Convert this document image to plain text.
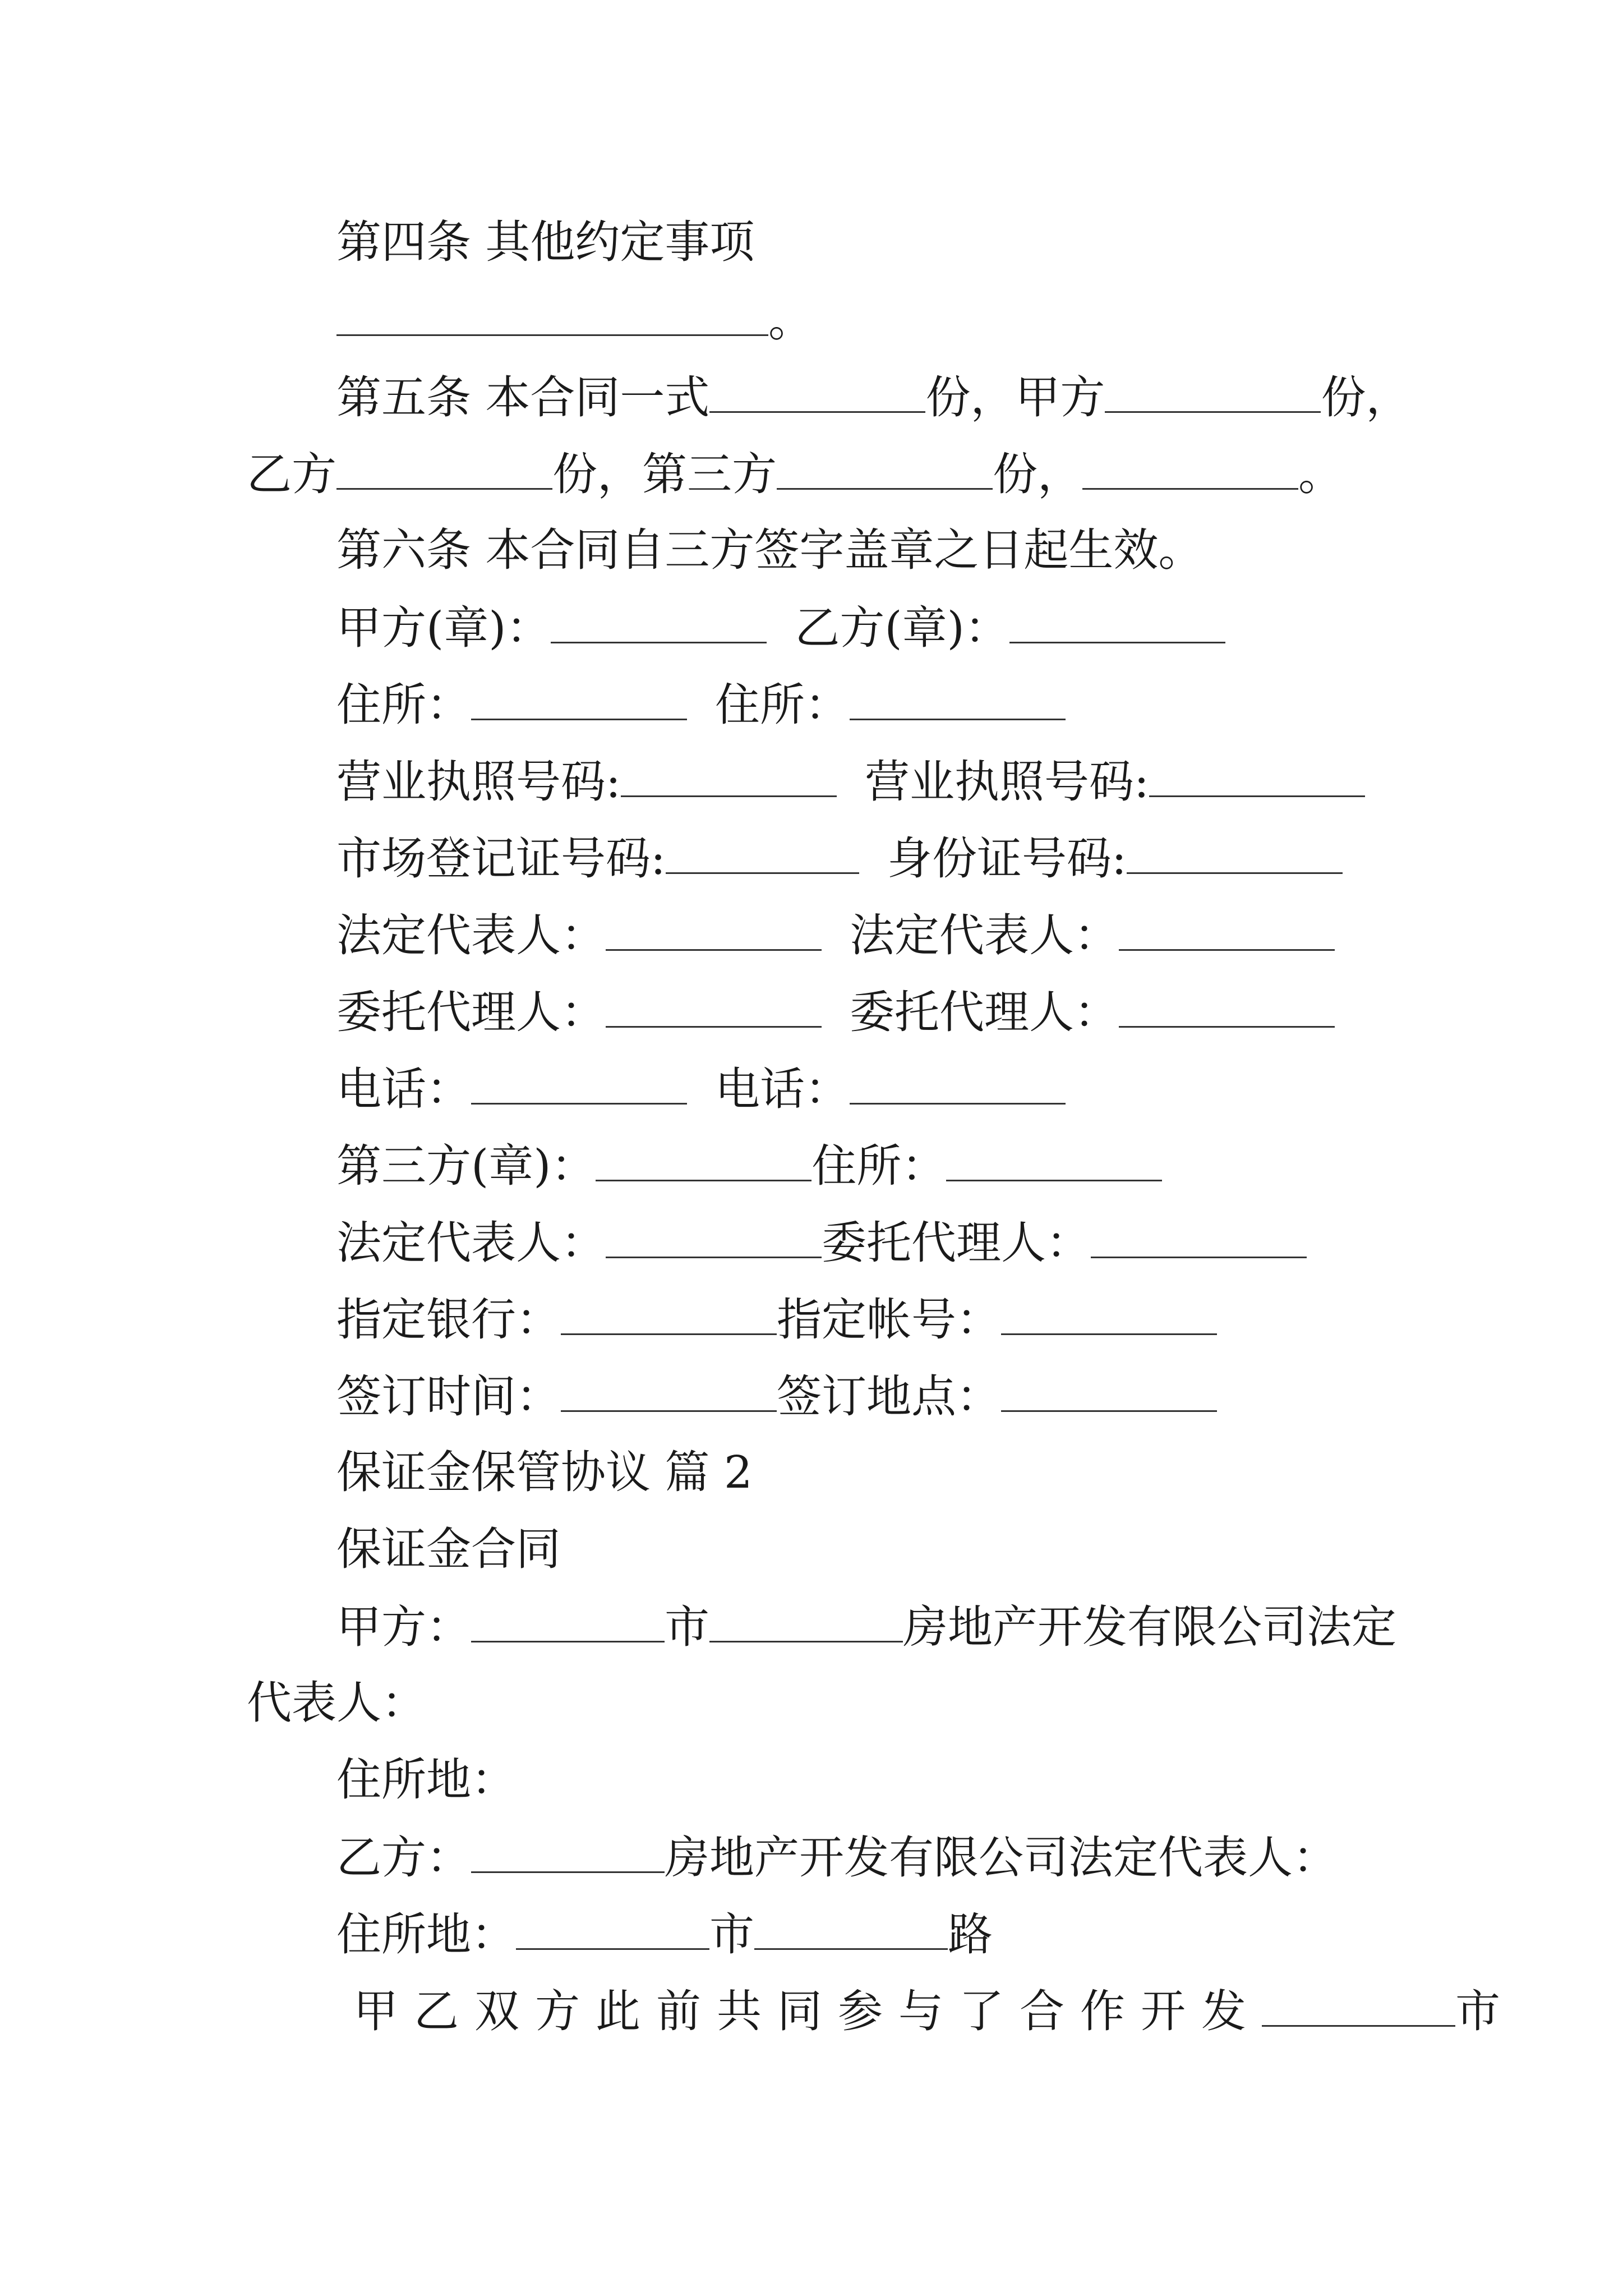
第四条 其他约定事项
。
第五条 本合同一式	份，甲方	份，
乙方	份，第三方	份，	。
第六条 本合同自三方签字盖章之日起生效。
甲方(章)：	乙方(章)：
住所：	住所：
营业执照号码:	营业执照号码:
市场登记证号码:	身份证号码:
法定代表人：	法定代表人：
委托代理人：	委托代理人：
电话：	电话：
第三方(章)：	住所：
法定代表人：	委托代理人：
指定银行：	指定帐号：
签订时间：	签订地点：
保证金保管协议 篇 2
保证金合同
甲方：	市	房地产开发有限公司法定
代表人：
住所地：
乙方：	房地产开发有限公司法定代表人：
住所地：	市	路
甲乙双方此前共同参与了合作开发	市
